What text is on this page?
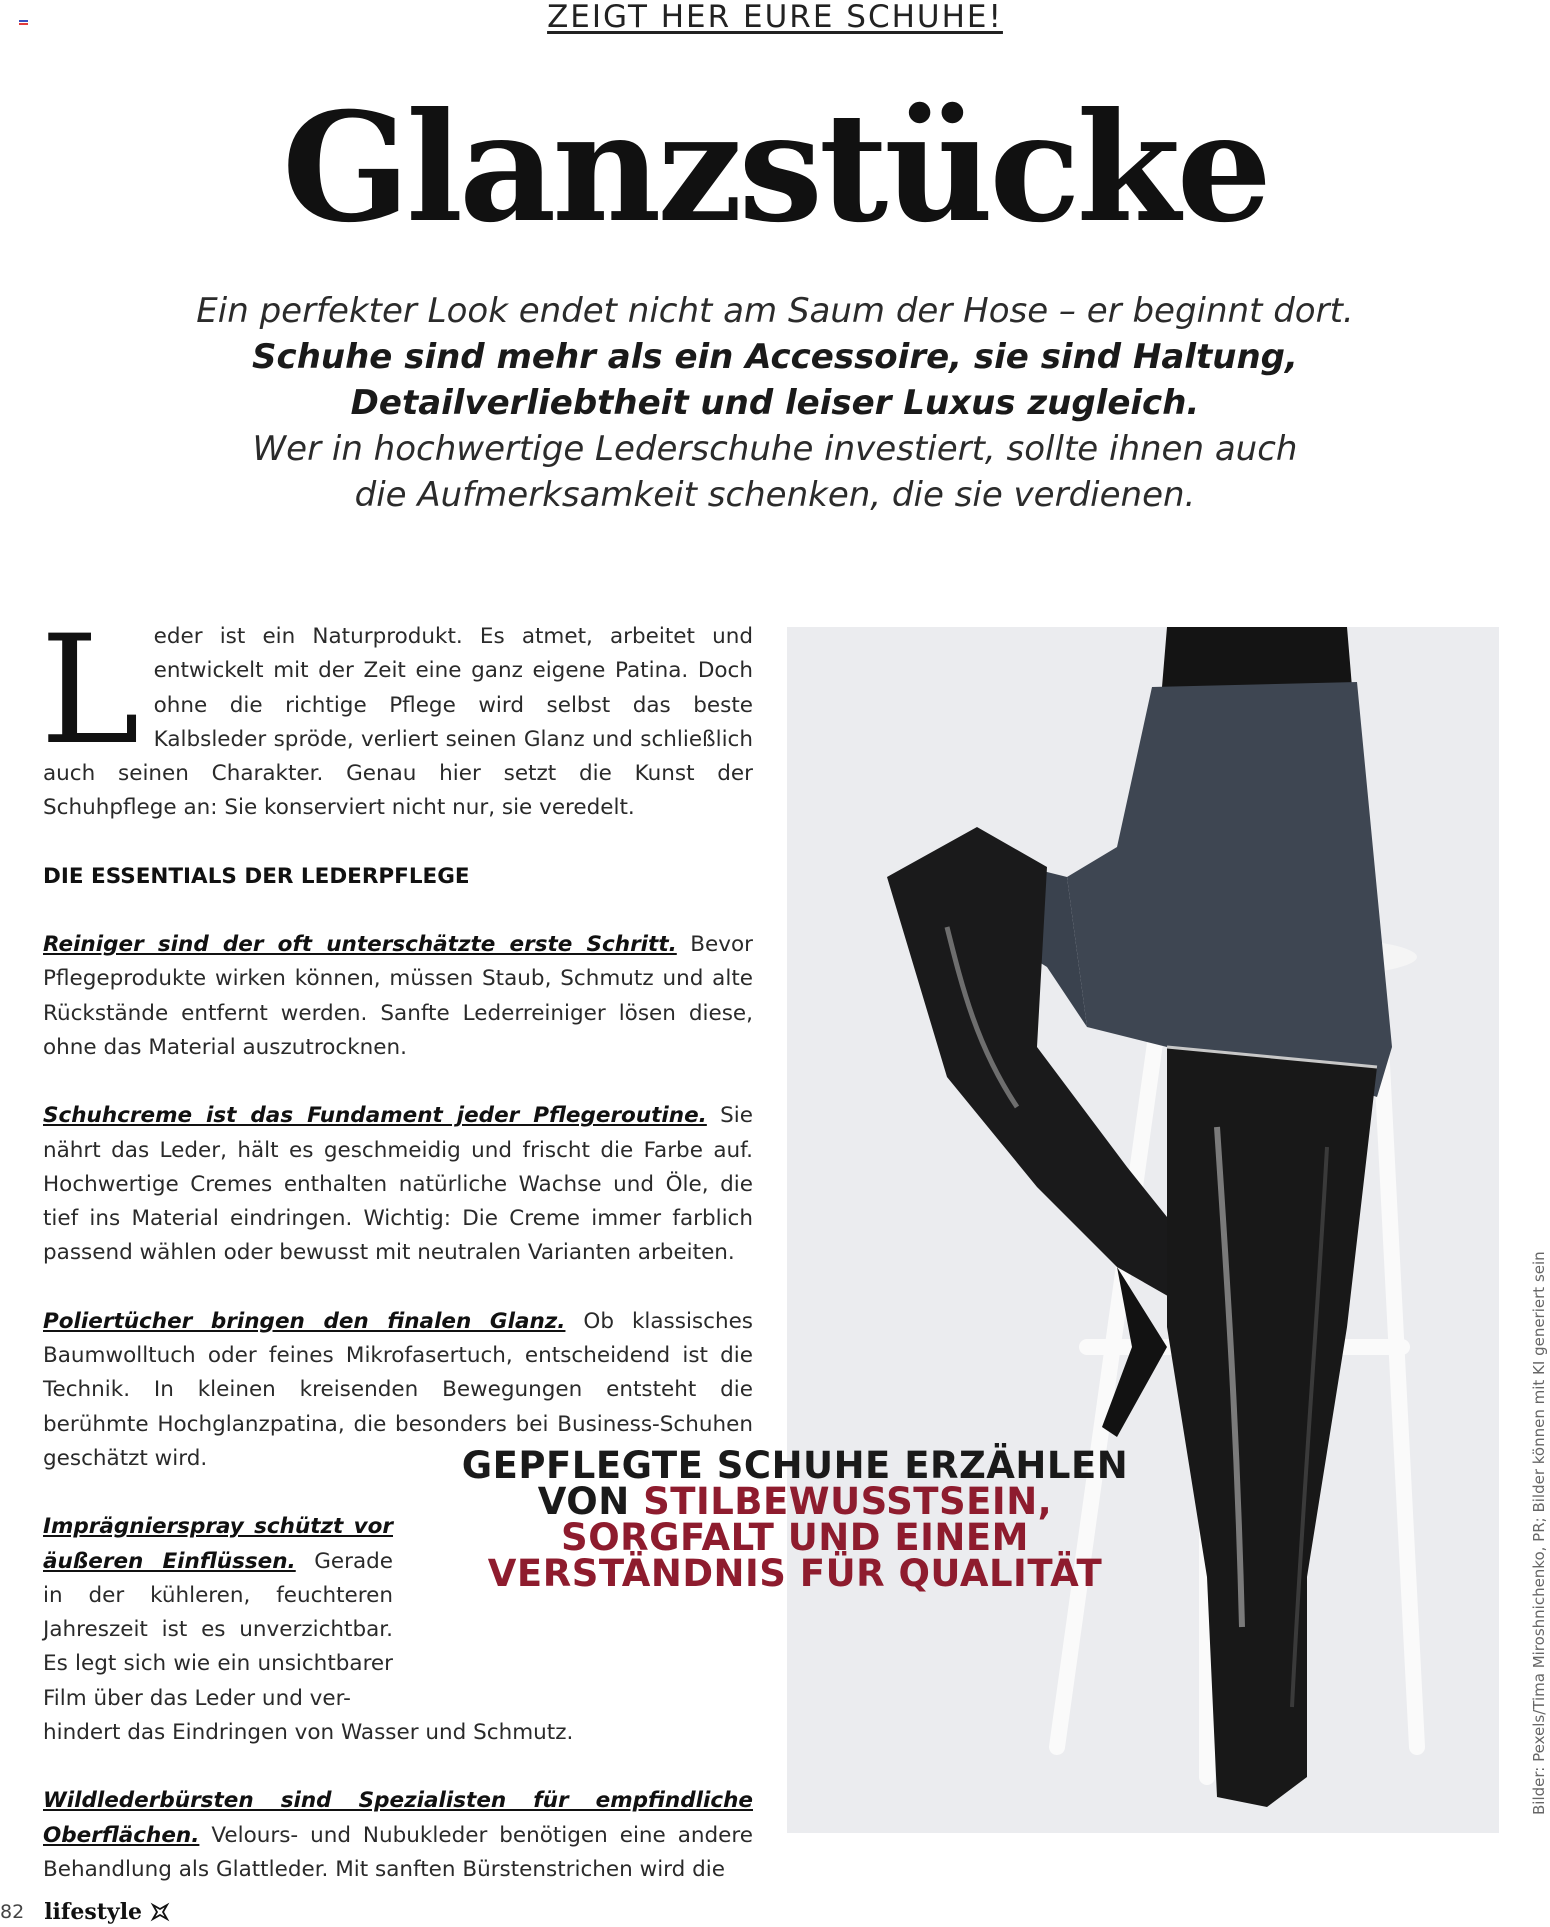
ZEIGT HER EURE SCHUHE!
Glanzstücke
Ein perfekter Look endet nicht am Saum der Hose – er beginnt dort.
Schuhe sind mehr als ein Accessoire, sie sind Haltung,
Detailverliebtheit und leiser Luxus zugleich.
Wer in hochwertige Lederschuhe investiert, sollte ihnen auch
die Aufmerksamkeit schenken, die sie verdienen.

Leder ist ein Naturprodukt. Es atmet, arbeitet und entwickelt mit der Zeit eine ganz eigene Patina. Doch ohne die richtige Pflege wird selbst das beste Kalbsleder spröde, verliert seinen Glanz und schließlich auch seinen Charakter. Genau hier setzt die Kunst der Schuhpflege an: Sie konserviert nicht nur, sie veredelt.

DIE ESSENTIALS DER LEDERPFLEGE

Reiniger sind der oft unterschätzte erste Schritt. Bevor Pflegeprodukte wirken können, müssen Staub, Schmutz und alte Rückstände entfernt werden. Sanfte Lederreiniger lösen diese, ohne das Material auszutrocknen.

Schuhcreme ist das Fundament jeder Pflegeroutine. Sie nährt das Leder, hält es geschmeidig und frischt die Farbe auf. Hochwertige Cremes enthalten natürliche Wachse und Öle, die tief ins Material eindringen. Wichtig: Die Creme immer farblich passend wählen oder bewusst mit neutralen Varianten arbeiten.

Poliertücher bringen den finalen Glanz. Ob klassisches Baumwolltuch oder feines Mikrofasertuch, entscheidend ist die Technik. In kleinen kreisenden Bewegungen entsteht die berühmte Hochglanzpatina, die besonders bei Business-Schuhen geschätzt wird.

Imprägnierspray schützt vor äußeren Einflüssen. Gerade in der kühleren, feuchteren Jahreszeit ist es unverzichtbar. Es legt sich wie ein unsichtbarer Film über das Leder und ver-

hindert das Eindringen von Wasser und Schmutz.

Wildlederbürsten sind Spezialisten für empfindliche Oberflächen. Velours- und Nubukleder benötigen eine andere Behandlung als Glattleder. Mit sanften Bürstenstrichen wird die

GEPFLEGTE SCHUHE ERZÄHLEN
VON STILBEWUSSTSEIN,
SORGFALT UND EINEM
VERSTÄNDNIS FÜR QUALITÄT	Bilder: Pexels/Tima Miroshnichenko, PR; Bilder können mit KI generiert sein
82 lifestyle
